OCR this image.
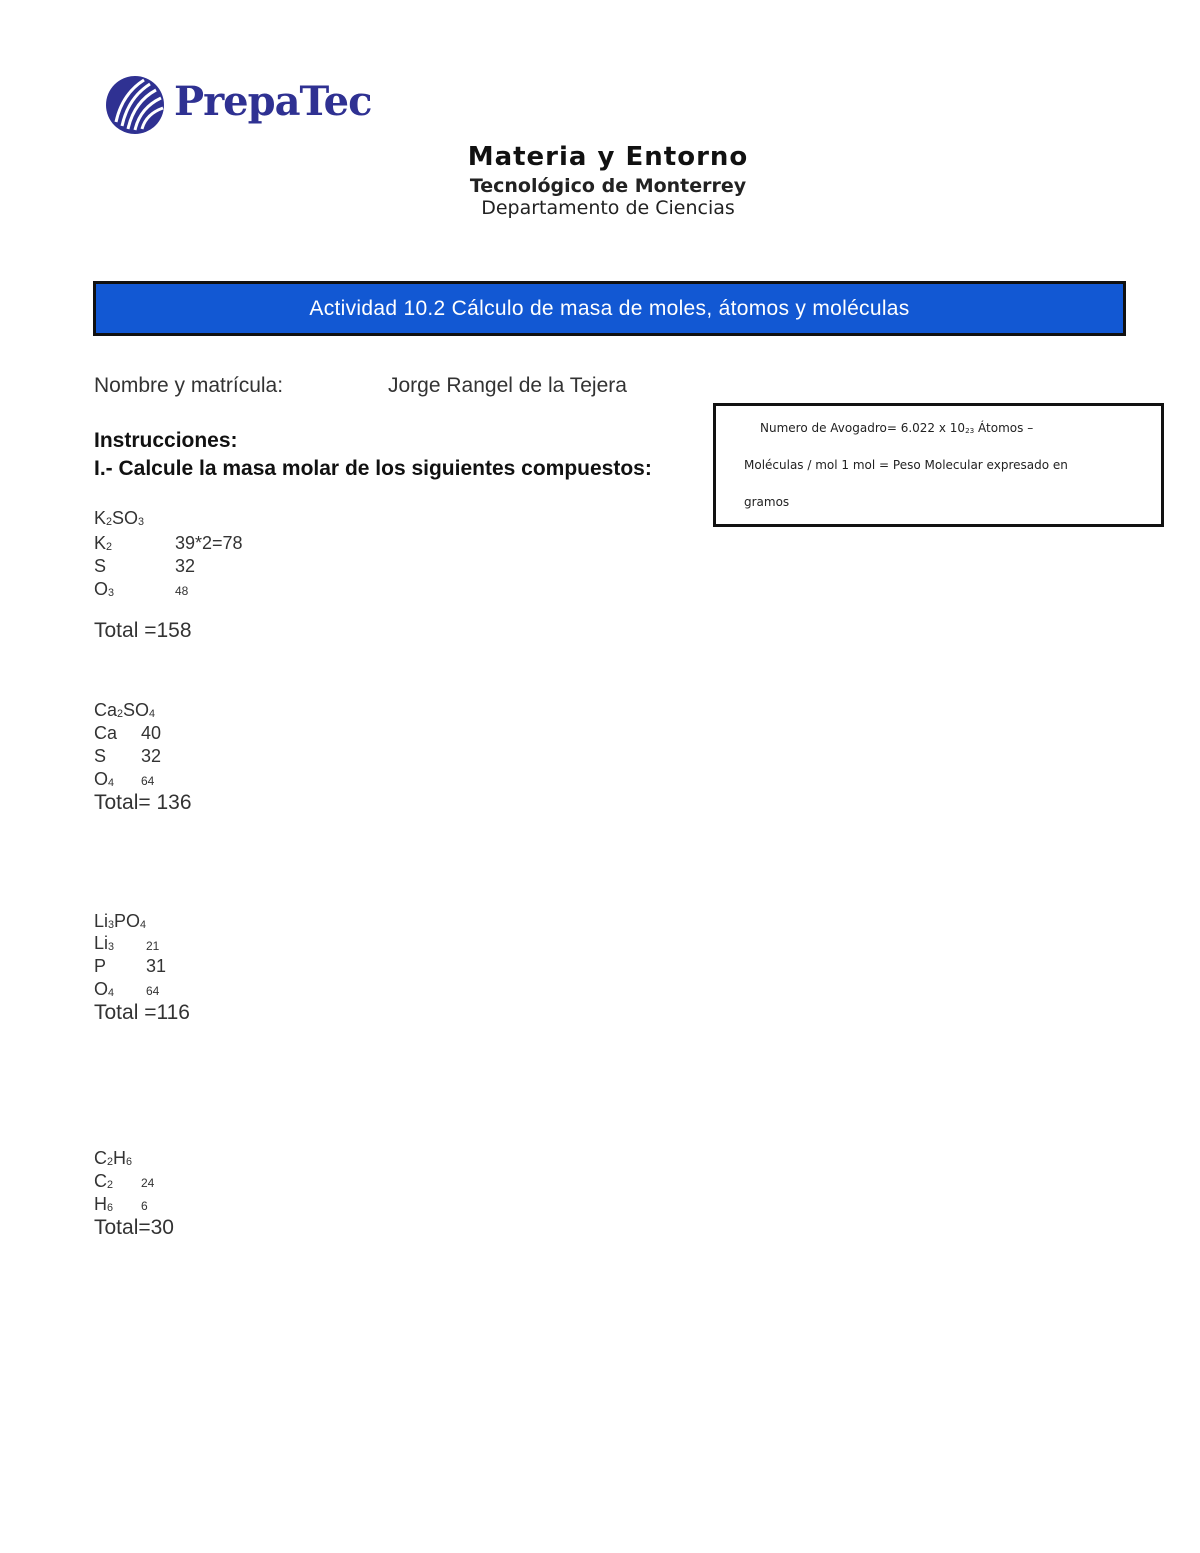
PrepaTec
Materia y Entorno
Tecnológico de Monterrey
Departamento de Ciencias
Actividad 10.2 Cálculo de masa de moles, átomos y moléculas
Nombre y matrícula:	Jorge Rangel de la Tejera
Instrucciones:
I.- Calcule la masa molar de los siguientes compuestos:
Numero de Avogadro= 6.022 x $10_{23}$ Átomos –
Moléculas / mol 1 mol = Peso Molecular expresado en
gramos
$K_2SO_3$
$K_2$	39*2=78
S	32
$O_3$	48
Total =158
$Ca_2SO_4$
Ca 40
S 32
$O_4$ 64
Total= 136
$Li_3PO_4$
$Li_3$	21
P 31
$O_4$	64
Total =116
$C_2H_6$
$C_2$ 24
$H_6$ 6
Total=30
